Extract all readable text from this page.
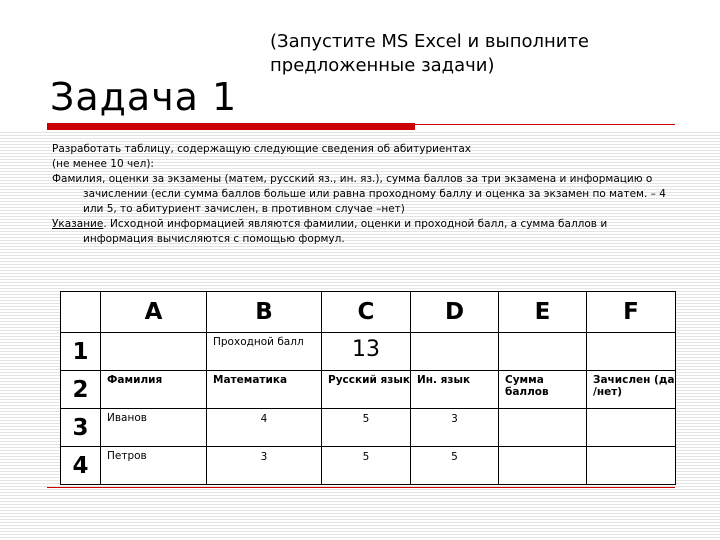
(Запустите MS Excel и выполните предложенные задачи)
Задача 1

Разработать таблицу, содержащую следующие сведения об абитуриентах

(не менее 10 чел):

Фамилия, оценки за экзамены (матем, русский яз., ин. яз.), сумма баллов за три экзамена и информацию о зачислении (если сумма баллов больше или равна проходному баллу и оценка за экзамен по матем. – 4 или 5, то абитуриент зачислен, в противном случае –нет)

Указание. Исходной информацией являются фамилии, оценки и проходной балл, а сумма баллов и информация вычисляются с помощью формул.

	A	B	C	D	E	F
1		Проходной балл	13			

2	Фамилия	Математика	Русский язык	Ин. язык	Сумма баллов	Зачислен (да /нет)

3	Иванов	4	5	3		

4	Петров	3	5	5		
